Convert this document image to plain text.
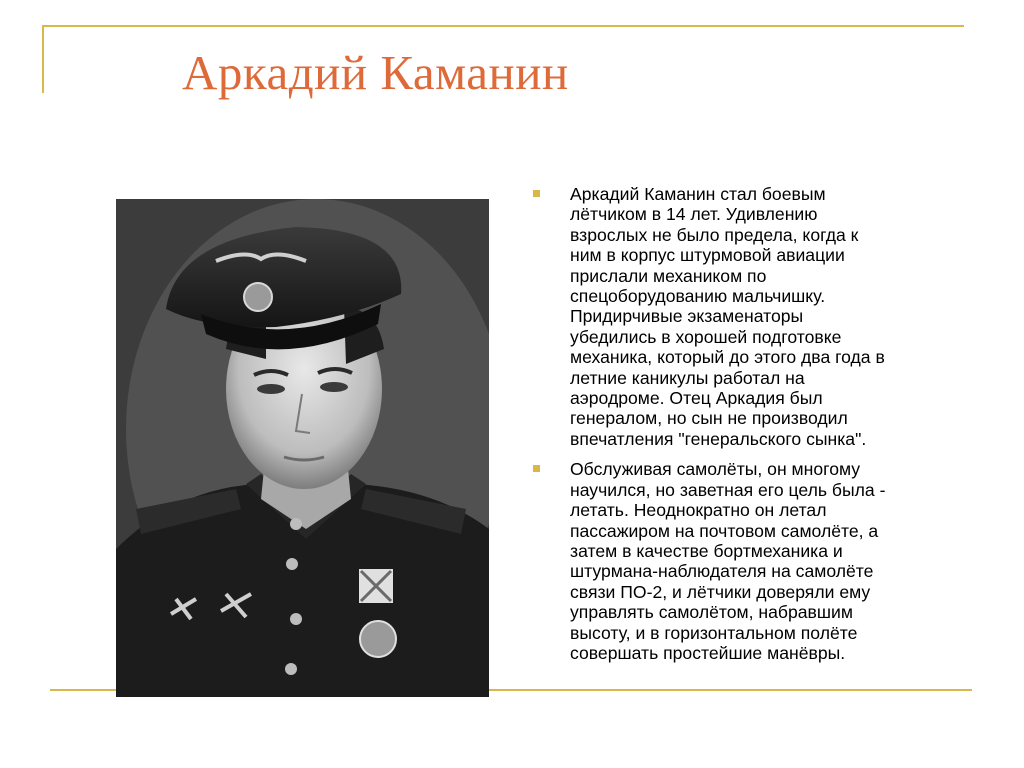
Аркадий Каманин
Аркадий Каманин стал боевым
лётчиком в 14 лет. Удивлению
взрослых не было предела, когда к
ним в корпус штурмовой авиации
прислали механиком по
спецоборудованию мальчишку.
Придирчивые экзаменаторы
убедились в хорошей подготовке
механика, который до этого два года в
летние каникулы работал на
аэродроме. Отец Аркадия был
генералом, но сын не производил
впечатления "генеральского сынка".
Обслуживая самолёты, он многому
научился, но заветная его цель была -
летать. Неоднократно он летал
пассажиром на почтовом самолёте, а
затем в качестве бортмеханика и
штурмана-наблюдателя на самолёте
связи ПО-2, и лётчики доверяли ему
управлять самолётом, набравшим
высоту, и в горизонтальном полёте
совершать простейшие манёвры.
